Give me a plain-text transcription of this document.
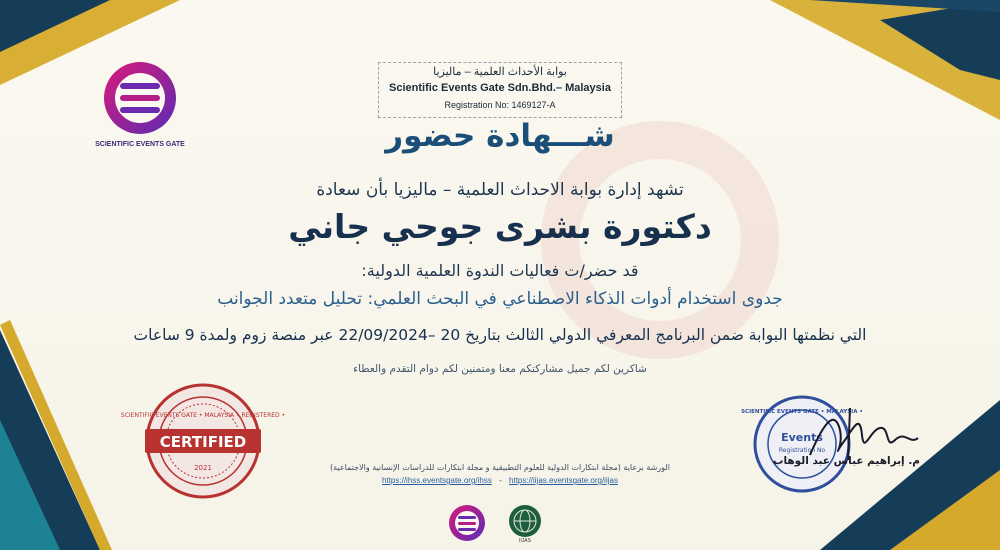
SCIENTIFIC EVENTS GATE
بوابة الأحداث العلمية – ماليزيا
Scientific Events Gate Sdn.Bhd.– Malaysia
Registration No: 1469127-A
شـــهادة حضور
تشهد إدارة بوابة الاحداث العلمية – ماليزيا بأن سعادة
دكتورة بشرى جوحي جاني
قد حضر/ت فعاليات الندوة العلمية الدولية:
جدوى استخدام أدوات الذكاء الاصطناعي في البحث العلمي: تحليل متعدد الجوانب
التي نظمتها البوابة ضمن البرنامج المعرفي الدولي الثالث بتاريخ 20 –22/09/2024 عبر منصة زوم ولمدة 9 ساعات
شاكرين لكم جميل مشاركتكم معنا ومتمنين لكم دوام التقدم والعطاء
الورشة برعاية (مجلة ابتكارات الدولية للعلوم التطبيقية و مجلة ابتكارات للدراسات الإنسانية والاجتماعية)
https://ihss.eventsgate.org/ihss - https://iijas.eventsgate.org/iijas
IIJAS
CERTIFIED
SCIENTIFIC EVENTS GATE • MALAYSIA • REGISTERED •
2021
SCIENTIFIC EVENTS GATE • MALAYSIA •
Events
Registration No
م. إبراهيم عباس عبد الوهاب
